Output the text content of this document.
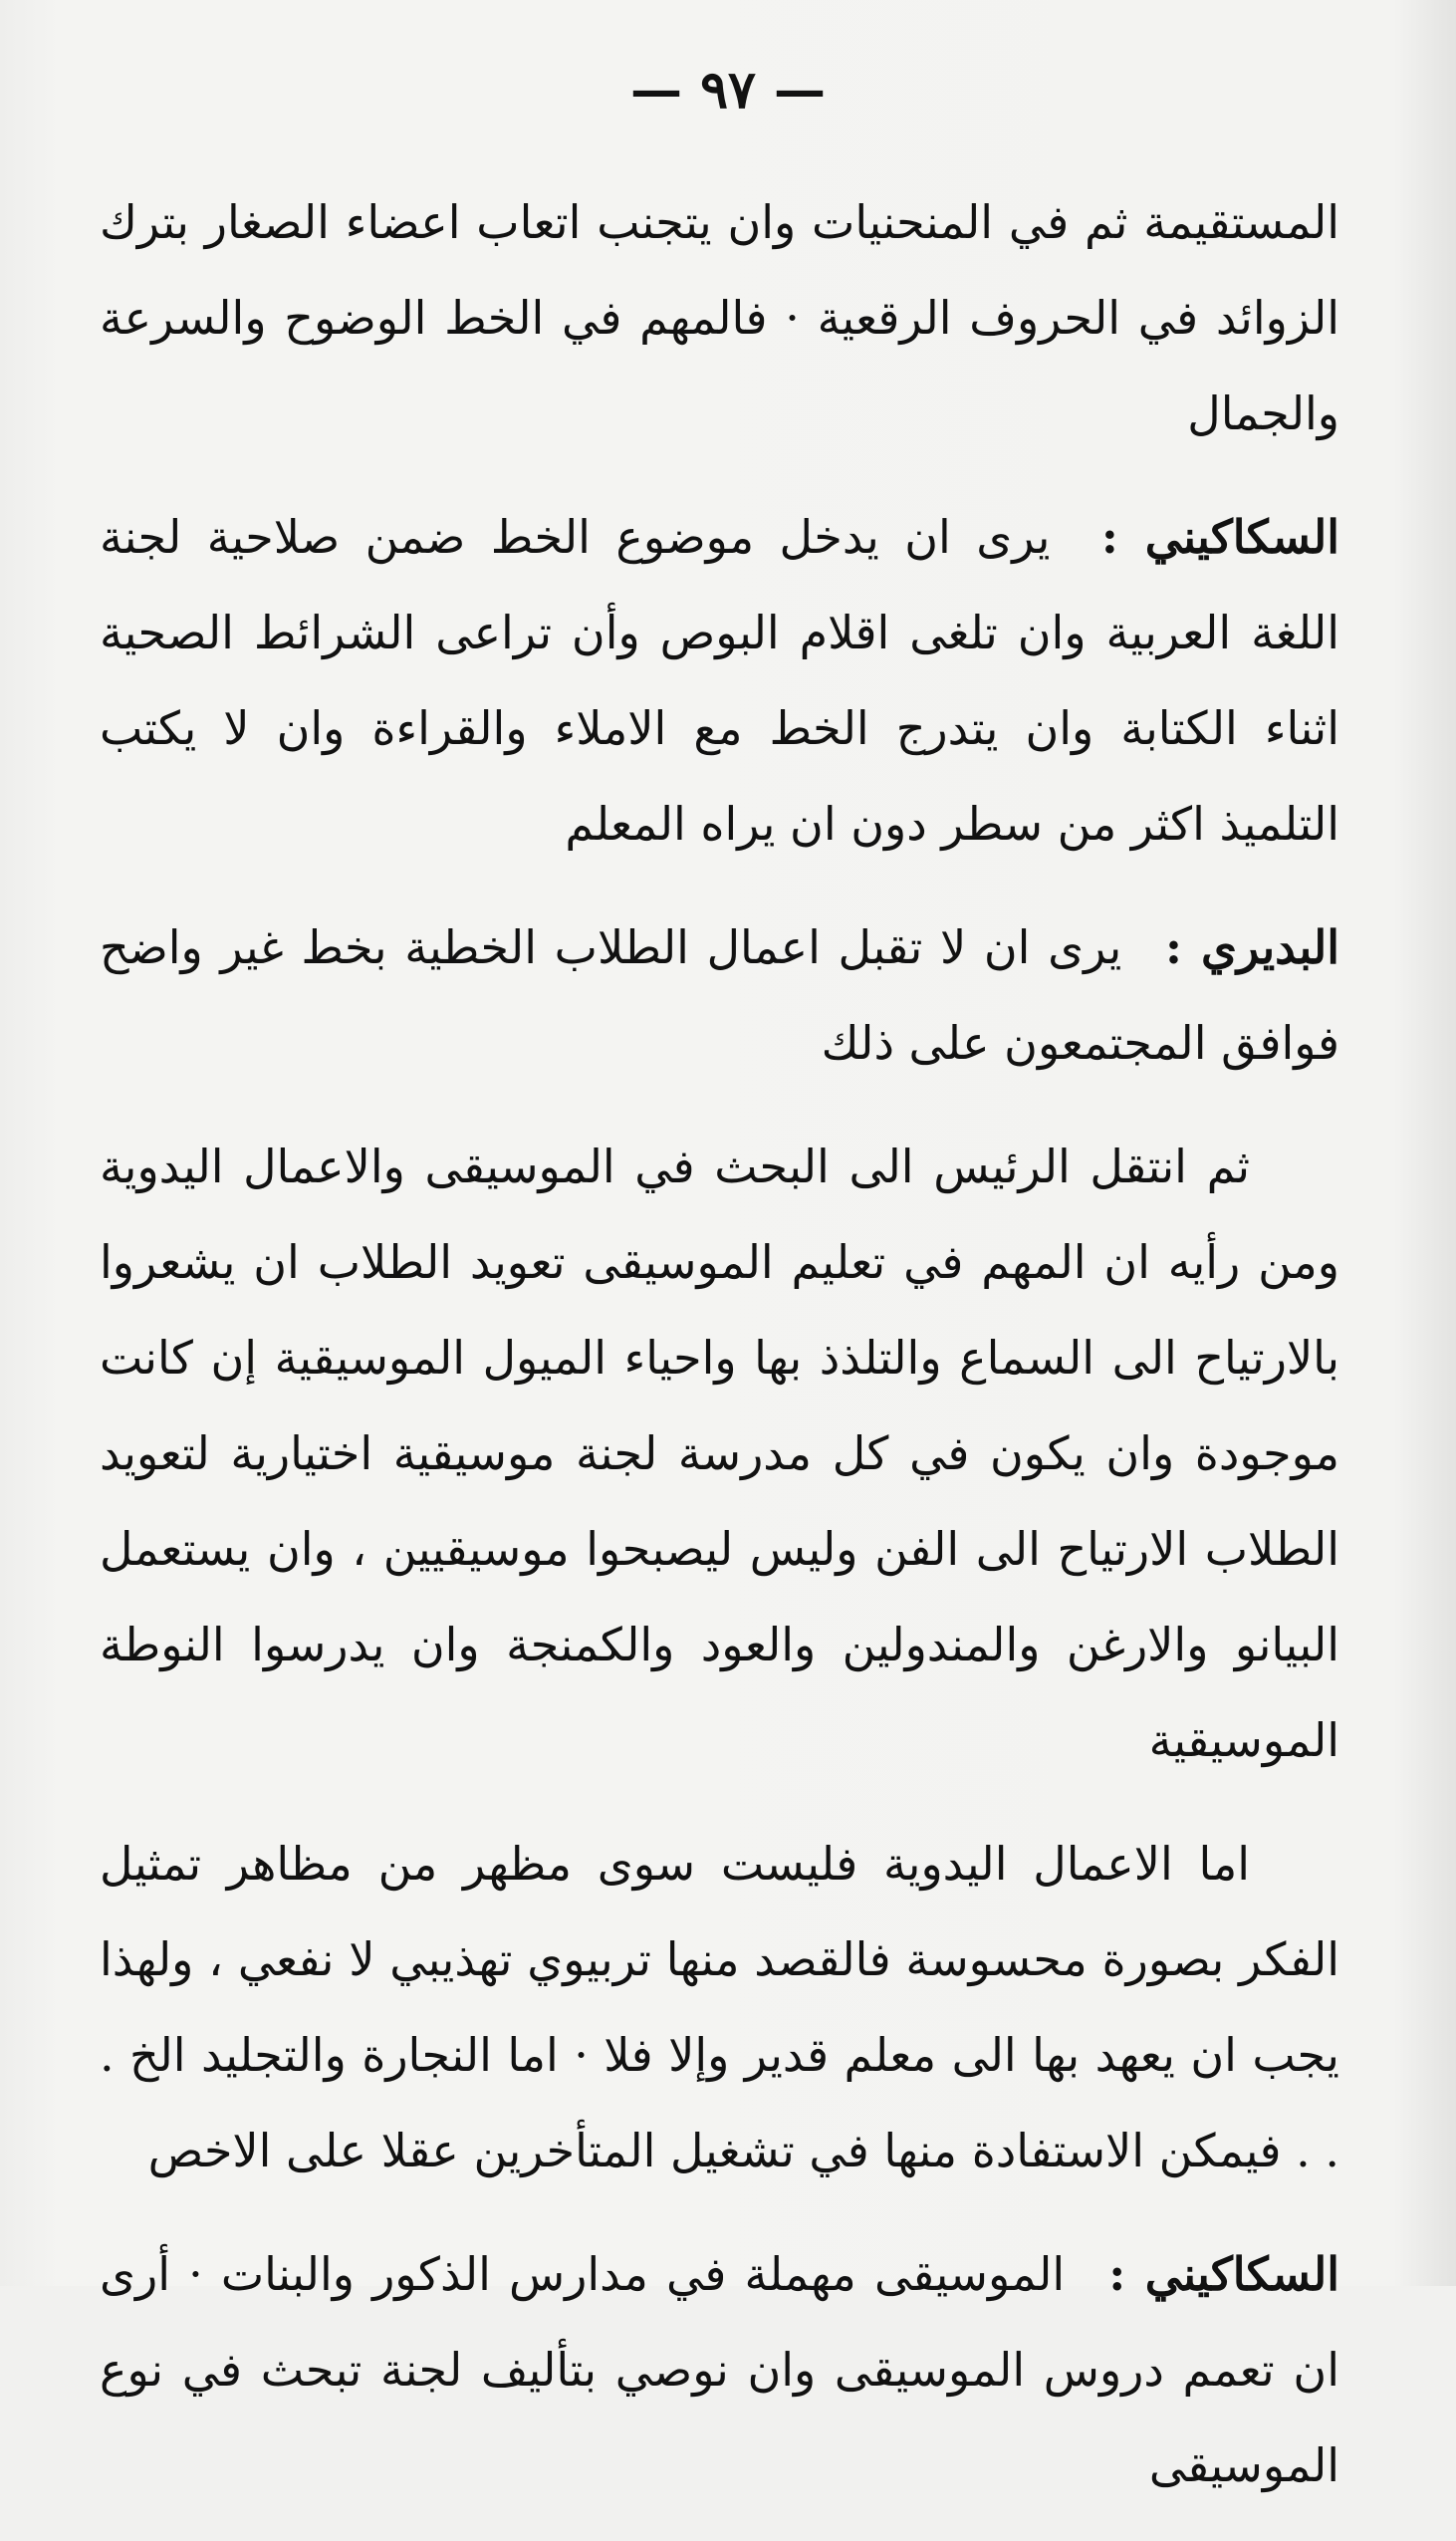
— ٩٧ —

المستقيمة ثم في المنحنيات وان يتجنب اتعاب اعضاء الصغار بترك الزوائد في الحروف الرقعية · فالمهم في الخط الوضوح والسرعة والجمال

السكاكيني : يرى ان يدخل موضوع الخط ضمن صلاحية لجنة اللغة العربية وان تلغى اقلام البوص وأن تراعى الشرائط الصحية اثناء الكتابة وان يتدرج الخط مع الاملاء والقراءة وان لا يكتب التلميذ اكثر من سطر دون ان يراه المعلم

البديري : يرى ان لا تقبل اعمال الطلاب الخطية بخط غير واضح فوافق المجتمعون على ذلك

ثم انتقل الرئيس الى البحث في الموسيقى والاعمال اليدوية ومن رأيه ان المهم في تعليم الموسيقى تعويد الطلاب ان يشعروا بالارتياح الى السماع والتلذذ بها واحياء الميول الموسيقية إن كانت موجودة وان يكون في كل مدرسة لجنة موسيقية اختيارية لتعويد الطلاب الارتياح الى الفن وليس ليصبحوا موسيقيين ، وان يستعمل البيانو والارغن والمندولين والعود والكمنجة وان يدرسوا النوطة الموسيقية

اما الاعمال اليدوية فليست سوى مظهر من مظاهر تمثيل الفكر بصورة محسوسة فالقصد منها تربيوي تهذيبي لا نفعي ، ولهذا يجب ان يعهد بها الى معلم قدير وإلا فلا · اما النجارة والتجليد الخ . . . فيمكن الاستفادة منها في تشغيل المتأخرين عقلا على الاخص

السكاكيني : الموسيقى مهملة في مدارس الذكور والبنات · أرى ان تعمم دروس الموسيقى وان نوصي بتأليف لجنة تبحث في نوع الموسيقى
